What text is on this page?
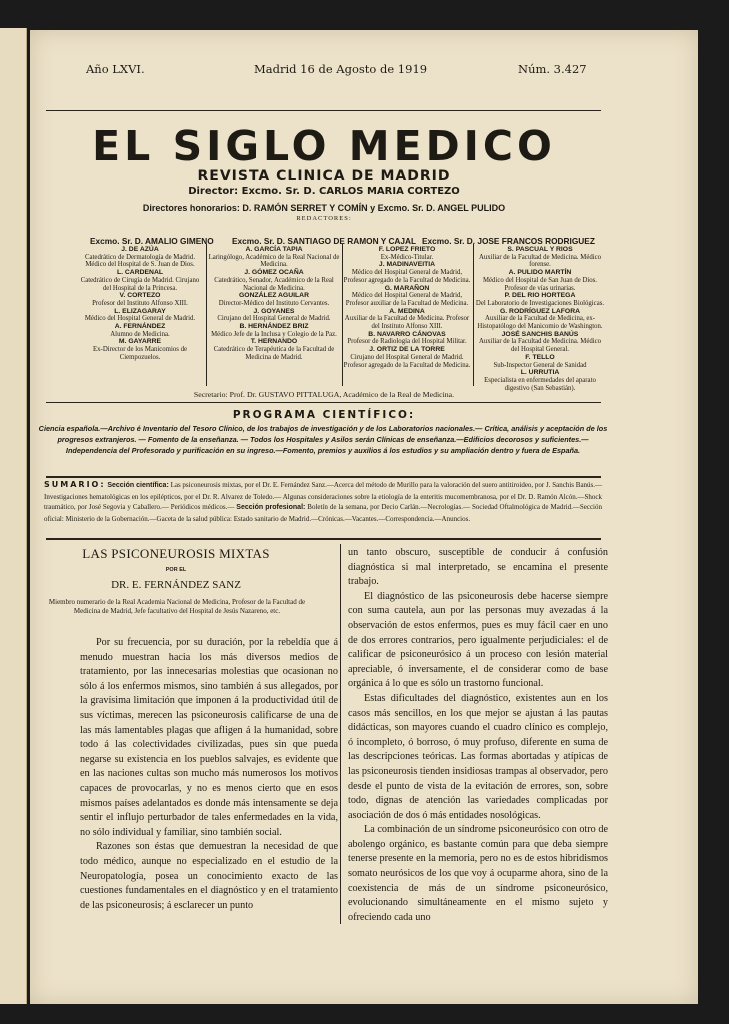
Año LXVI.	Madrid 16 de Agosto de 1919	Núm. 3.427
EL SIGLO MEDICO
REVISTA CLINICA DE MADRID
Director: Excmo. Sr. D. CARLOS MARIA CORTEZO
Directores honorarios: D. RAMÓN SERRET Y COMÍN y Excmo. Sr. D. ANGEL PULIDO
REDACTORES:
Excmo. Sr. D. AMALIO GIMENO Excmo. Sr. D. SANTIAGO DE RAMON Y CAJAL Excmo. Sr. D. JOSE FRANCOS RODRIGUEZ
J. DE AZÚA
Catedrático de Dermatología de Madrid. Médico del Hospital de S. Juan de Dios.
L. CARDENAL
Catedrático de Cirugía de Madrid. Cirujano del Hospital de la Princesa.
V. CORTEZO
Profesor del Instituto Alfonso XIII.
L. ELIZAGARAY
Médico del Hospital General de Madrid.
A. FERNÁNDEZ
Alumno de Medicina.
M. GAYARRE
Ex-Director de los Manicomios de Ciempozuelos.
A. GARCÍA TAPIA
Laringólogo, Académico de la Real Nacional de Medicina.
J. GÓMEZ OCAÑA
Catedrático, Senador, Académico de la Real Nacional de Medicina.
GONZÁLEZ AGUILAR
Director-Médico del Instituto Cervantes.
J. GOYANES
Cirujano del Hospital General de Madrid.
B. HERNÁNDEZ BRIZ
Médico Jefe de la Inclusa y Colegio de la Paz.
T. HERNANDO
Catedrático de Terapéutica de la Facultad de Medicina de Madrid.
F. LOPEZ FRIETO
Ex-Médico-Titular.
J. MADINAVEITIA
Médico del Hospital General de Madrid, Profesor agregado de la Facultad de Medicina.
G. MARAÑON
Médico del Hospital General de Madrid, Profesor auxiliar de la Facultad de Medicina.
A. MEDINA
Auxiliar de la Facultad de Medicina. Profesor del Instituto Alfonso XIII.
B. NAVARRO CÁNOVAS
Profesor de Radiología del Hospital Militar.
J. ORTIZ DE LA TORRE
Cirujano del Hospital General de Madrid. Profesor agregado de la Facultad de Medicina.
S. PASCUAL Y RIOS
Auxiliar de la Facultad de Medicina. Médico forense.
A. PULIDO MARTÍN
Médico del Hospital de San Juan de Dios. Profesor de vías urinarias.
P. DEL RIO HORTEGA
Del Laboratorio de Investigaciones Biológicas.
G. RODRÍGUEZ LAFORA
Auxiliar de la Facultad de Medicina, ex-Histopatólogo del Manicomio de Washington.
JOSÉ SANCHIS BANÚS
Auxiliar de la Facultad de Medicina. Médico del Hospital General.
F. TELLO
Sub-Inspector General de Sanidad
L. URRUTIA
Especialista en enfermedades del aparato digestivo (San Sebastián).
Secretario: Prof. Dr. GUSTAVO PITTALUGA, Académico de la Real de Medicina.
PROGRAMA CIENTÍFICO:
Ciencia española.—Archivo é Inventario del Tesoro Clínico, de los trabajos de investigación y de los Laboratorios nacionales.— Crítica, análisis y aceptación de los progresos extranjeros. — Fomento de la enseñanza. — Todos los Hospitales y Asilos serán Clínicas de enseñanza.—Edificios decorosos y suficientes.—Independencia del Profesorado y purificación en su ingreso.—Fomento, premios y auxilios á los estudios y su ampliación dentro y fuera de España.
SUMARIO: Sección científica: Las psiconeurosis mixtas, por el Dr. E. Fernández Sanz.—Acerca del método de Murillo para la valoración del suero antitiroideo, por J. Sanchis Banús.—Investigaciones hematológicas en los epilépticos, por el Dr. R. Alvarez de Toledo.— Algunas consideraciones sobre la etiología de la enteritis mucomembranosa, por el Dr. D. Ramón Alcón.—Shock traumático, por José Segovia y Caballero.— Periódicos médicos.— Sección profesional: Boletín de la semana, por Decio Carlán.—Necrologías.— Sociedad Oftalmológica de Madrid.—Sección oficial: Ministerio de la Gobernación.—Gaceta de la salud pública: Estado sanitario de Madrid.—Crónicas.—Vacantes.—Correspondencia.—Anuncios.
LAS PSICONEUROSIS MIXTAS
POR EL
DR. E. FERNÁNDEZ SANZ
Miembro numerario de la Real Academia Nacional de Medicina, Profesor de la Facultad de Medicina de Madrid, Jefe facultativo del Hospital de Jesús Nazareno, etc.

Por su frecuencia, por su duración, por la rebeldía que á menudo muestran hacia los más diversos medios de tratamiento, por las innecesarias molestias que ocasionan no sólo á los enfermos mismos, sino también á sus allegados, por la gravísima limitación que imponen á la productividad útil de sus víctimas, merecen las psiconeurosis calificarse de una de las más lamentables plagas que afligen á la humanidad, sobre todo á las colectividades civilizadas, pues sin que pueda negarse su existencia en los pueblos salvajes, es evidente que en las naciones cultas son mucho más numerosos los motivos capaces de provocarlas, y no es menos cierto que en esos mismos países adelantados es donde más intensamente se deja sentir el influjo perturbador de tales enfermedades en la vida, no sólo individual y familiar, sino también social.

Razones son éstas que demuestran la necesidad de que todo médico, aunque no especializado en el estudio de la Neuropatología, posea un conocimiento exacto de las cuestiones fundamentales en el diagnóstico y en el tratamiento de las psiconeurosis; á esclarecer un punto

un tanto obscuro, susceptible de conducir á confusión diagnóstica si mal interpretado, se encamina el presente trabajo.

El diagnóstico de las psiconeurosis debe hacerse siempre con suma cautela, aun por las personas muy avezadas á la observación de estos enfermos, pues es muy fácil caer en uno de dos errores contrarios, pero igualmente perjudiciales: el de calificar de psiconeurósico á un proceso con lesión material apreciable, ó inversamente, el de considerar como de base orgánica á lo que es sólo un trastorno funcional.

Estas dificultades del diagnóstico, existentes aun en los casos más sencillos, en los que mejor se ajustan á las pautas didácticas, son mayores cuando el cuadro clínico es complejo, ó incompleto, ó borroso, ó muy profuso, diferente en suma de las descripciones teóricas. Las formas abortadas y atípicas de las psiconeurosis tienden insidiosas trampas al observador, pero desde el punto de vista de la evitación de errores, son, sobre todo, dignas de atención las variedades complicadas por asociación de dos ó más entidades nosológicas.

La combinación de un síndrome psiconeurósico con otro de abolengo orgánico, es bastante común para que deba siempre tenerse presente en la memoria, pero no es de estos hibridismos somato neurósicos de los que voy á ocuparme ahora, sino de la coexistencia de más de un síndrome psiconeurósico, evolucionando simultáneamente en el mismo sujeto y ofreciendo cada uno
